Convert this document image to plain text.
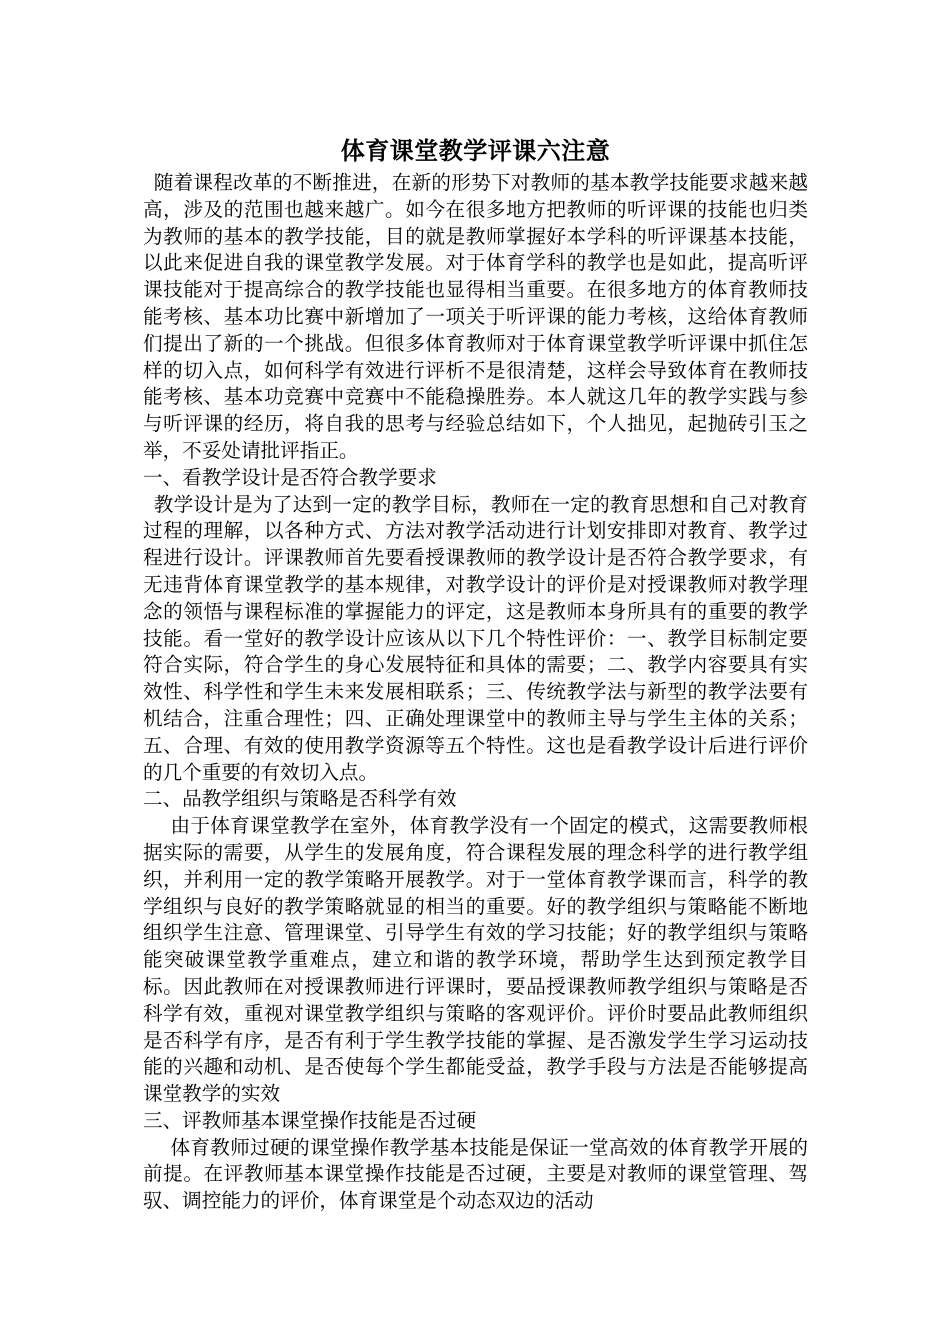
体育课堂教学评课六注意

随着课程改革的不断推进，在新的形势下对教师的基本教学技能要求越来越高，涉及的范围也越来越广。如今在很多地方把教师的听评课的技能也归类为教师的基本的教学技能，目的就是教师掌握好本学科的听评课基本技能，以此来促进自我的课堂教学发展。对于体育学科的教学也是如此，提高听评课技能对于提高综合的教学技能也显得相当重要。在很多地方的体育教师技能考核、基本功比赛中新增加了一项关于听评课的能力考核，这给体育教师们提出了新的一个挑战。但很多体育教师对于体育课堂教学听评课中抓住怎样的切入点，如何科学有效进行评析不是很清楚，这样会导致体育在教师技能考核、基本功竞赛中竞赛中不能稳操胜券。本人就这几年的教学实践与参与听评课的经历，将自我的思考与经验总结如下，个人拙见，起抛砖引玉之举，不妥处请批评指正。

一、看教学设计是否符合教学要求

教学设计是为了达到一定的教学目标，教师在一定的教育思想和自己对教育过程的理解，以各种方式、方法对教学活动进行计划安排即对教育、教学过程进行设计。评课教师首先要看授课教师的教学设计是否符合教学要求，有无违背体育课堂教学的基本规律，对教学设计的评价是对授课教师对教学理念的领悟与课程标准的掌握能力的评定，这是教师本身所具有的重要的教学技能。看一堂好的教学设计应该从以下几个特性评价：一、教学目标制定要符合实际，符合学生的身心发展特征和具体的需要；二、教学内容要具有实效性、科学性和学生未来发展相联系；三、传统教学法与新型的教学法要有机结合，注重合理性；四、正确处理课堂中的教师主导与学生主体的关系；五、合理、有效的使用教学资源等五个特性。这也是看教学设计后进行评价的几个重要的有效切入点。

二、品教学组织与策略是否科学有效

由于体育课堂教学在室外，体育教学没有一个固定的模式，这需要教师根据实际的需要，从学生的发展角度，符合课程发展的理念科学的进行教学组织，并利用一定的教学策略开展教学。对于一堂体育教学课而言，科学的教学组织与良好的教学策略就显的相当的重要。好的教学组织与策略能不断地组织学生注意、管理课堂、引导学生有效的学习技能；好的教学组织与策略能突破课堂教学重难点，建立和谐的教学环境，帮助学生达到预定教学目标。因此教师在对授课教师进行评课时，要品授课教师教学组织与策略是否科学有效，重视对课堂教学组织与策略的客观评价。评价时要品此教师组织是否科学有序，是否有利于学生教学技能的掌握、是否激发学生学习运动技能的兴趣和动机、是否使每个学生都能受益，教学手段与方法是否能够提高课堂教学的实效

三、评教师基本课堂操作技能是否过硬

体育教师过硬的课堂操作教学基本技能是保证一堂高效的体育教学开展的前提。在评教师基本课堂操作技能是否过硬，主要是对教师的课堂管理、驾驭、调控能力的评价，体育课堂是个动态双边的活动
